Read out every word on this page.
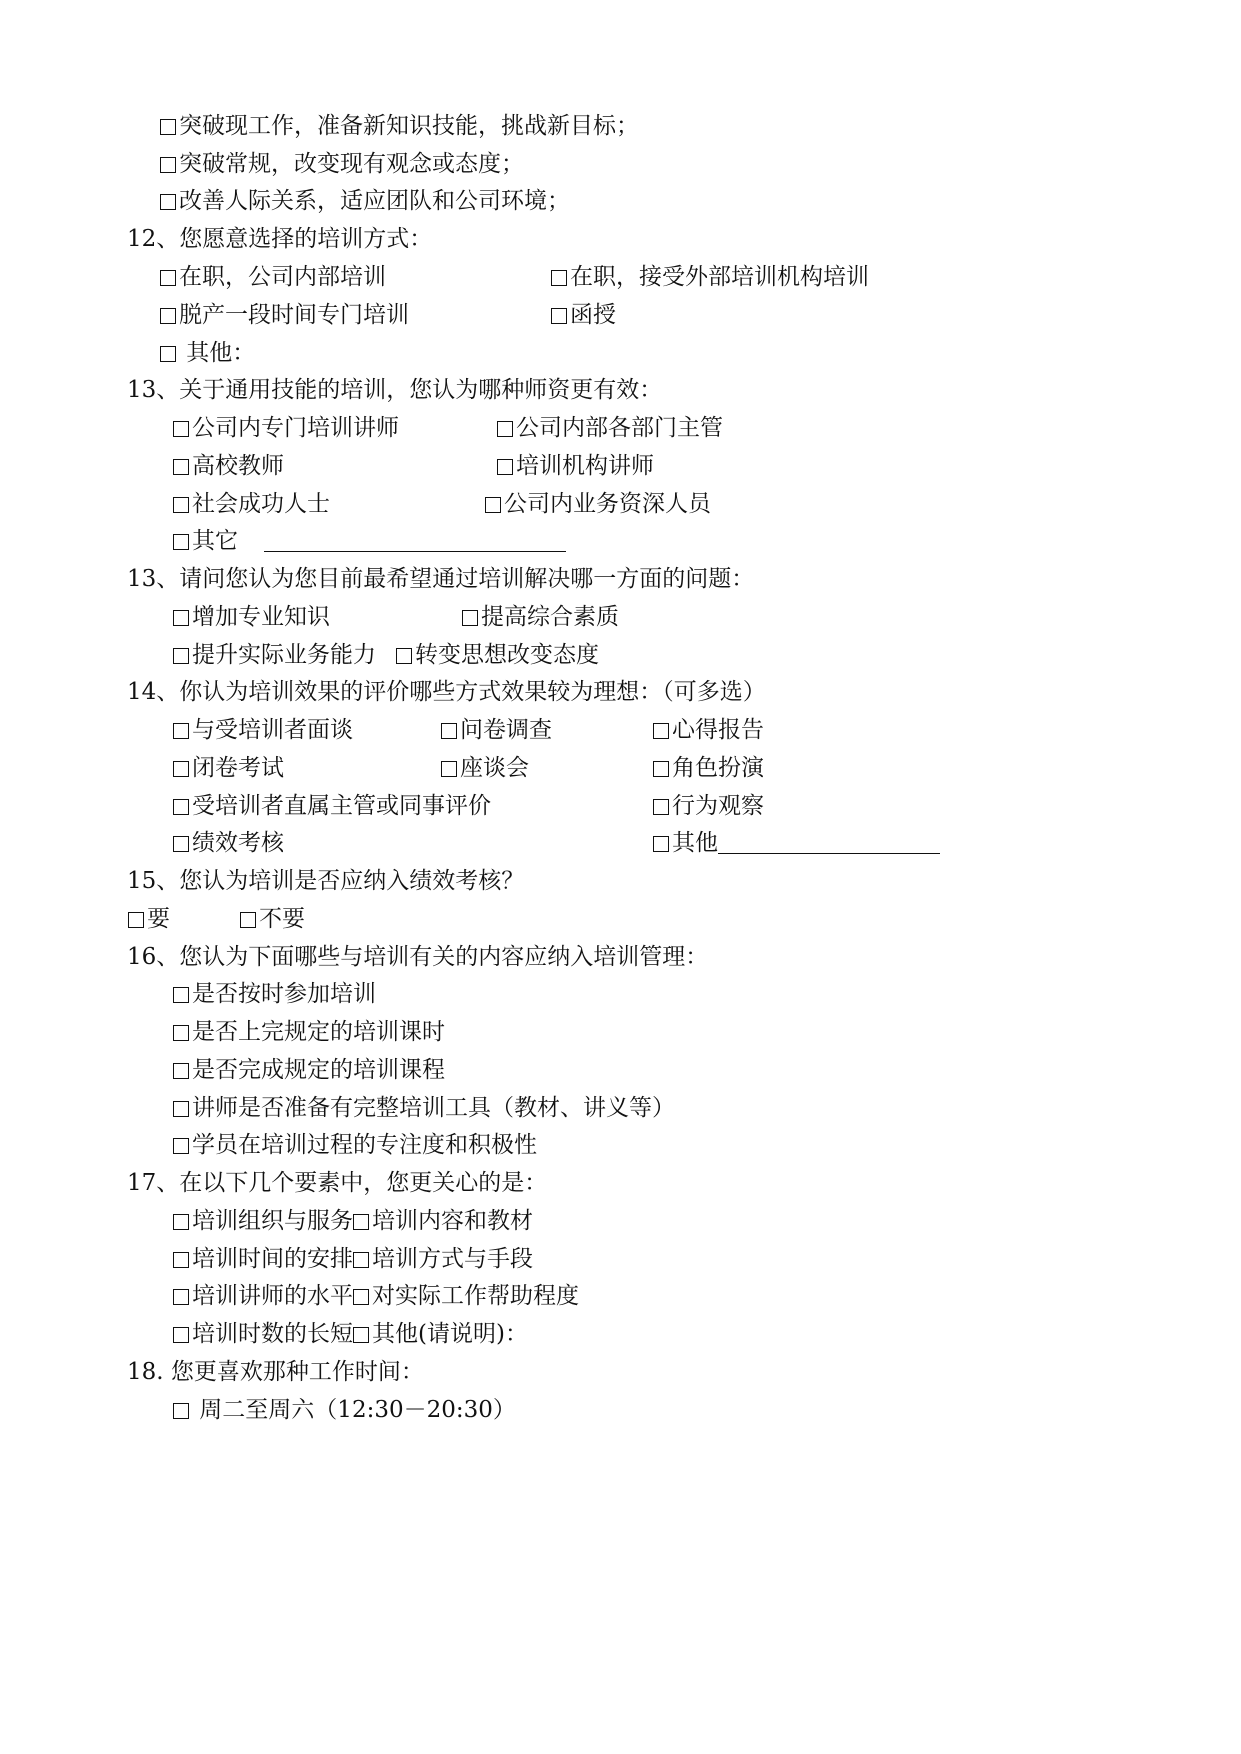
突破现工作，准备新知识技能，挑战新目标；
突破常规，改变现有观念或态度；
改善人际关系，适应团队和公司环境；
12、您愿意选择的培训方式：
在职，公司内部培训	在职，接受外部培训机构培训
脱产一段时间专门培训	函授
其他：
13、关于通用技能的培训，您认为哪种师资更有效：
公司内专门培训讲师	公司内部各部门主管
高校教师	培训机构讲师
社会成功人士	公司内业务资深人员
其它
13、请问您认为您目前最希望通过培训解决哪一方面的问题：
增加专业知识	提高综合素质
提升实际业务能力	转变思想改变态度
14、你认为培训效果的评价哪些方式效果较为理想：（可多选）
与受培训者面谈	问卷调查	心得报告
闭卷考试	座谈会	角色扮演
受培训者直属主管或同事评价	行为观察
绩效考核	其他
15、您认为培训是否应纳入绩效考核？
要	不要
16、您认为下面哪些与培训有关的内容应纳入培训管理：
是否按时参加培训
是否上完规定的培训课时
是否完成规定的培训课程
讲师是否准备有完整培训工具（教材、讲义等）
学员在培训过程的专注度和积极性
17、在以下几个要素中，您更关心的是：
培训组织与服务 培训内容和教材
培训时间的安排 培训方式与手段
培训讲师的水平 对实际工作帮助程度
培训时数的长短 其他(请说明)：
18. 您更喜欢那种工作时间：
周二至周六（12:30－20:30）
